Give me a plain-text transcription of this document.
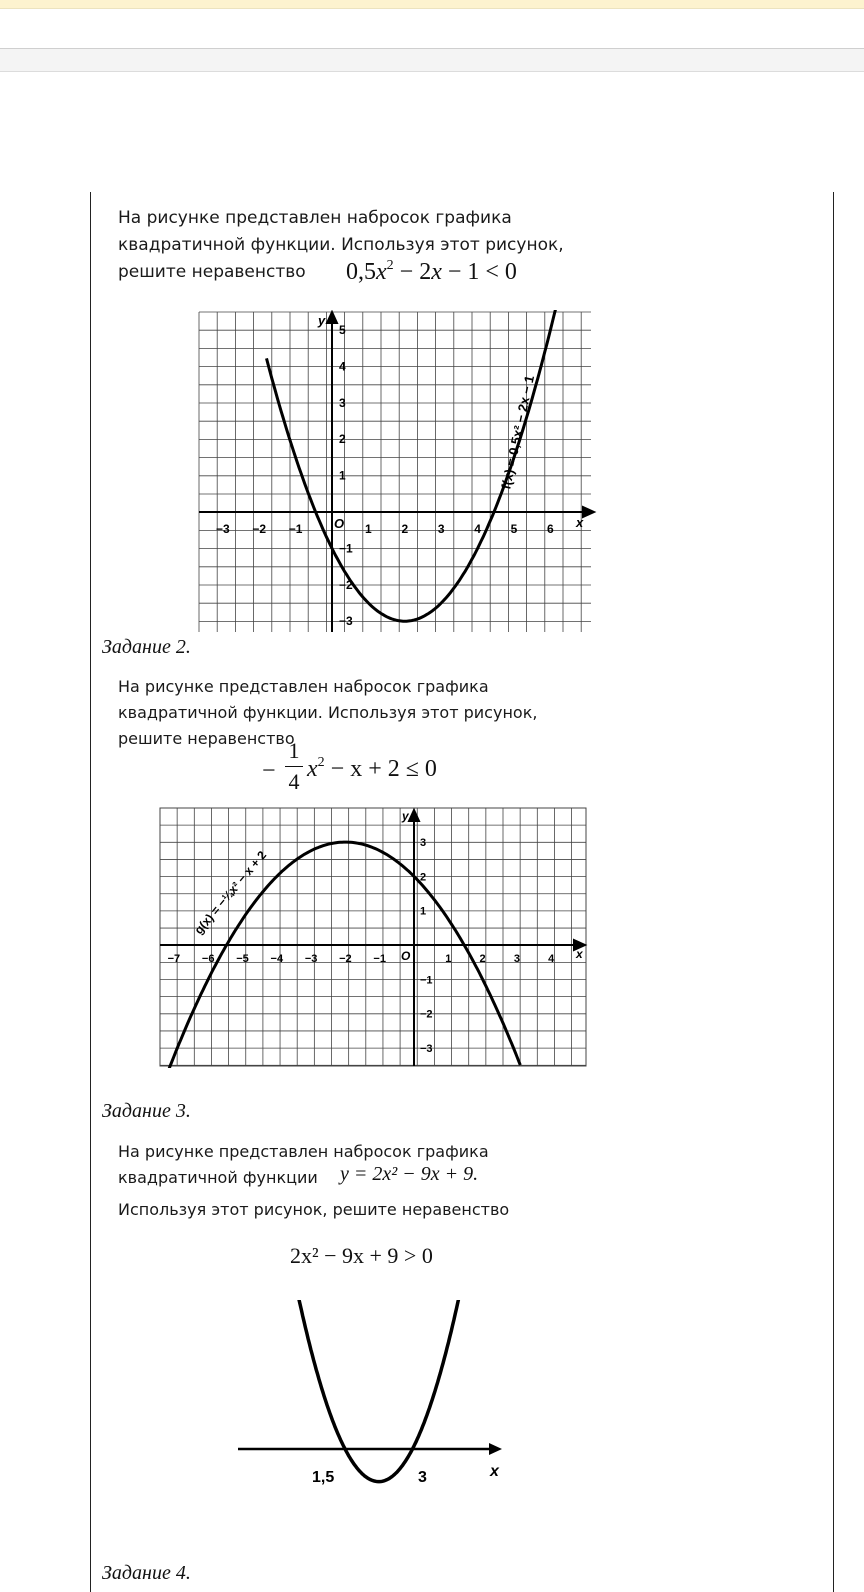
На рисунке представлен набросок графика
квадратичной функции. Используя этот рисунок,
решите неравенство	$0,5x^2 - 2x - 1 < 0$
−3 −2 −1	1 2 3 4 5 6
5
4
3
2
1
−1
−2
−3
x
y
O
f(x) = 0,5x² − 2x − 1
Задание 2.
На рисунке представлен набросок графика
квадратичной функции. Используя этот рисунок,
решите неравенство
−
1
4 $x^2 - x + 2 \le 0$
−7 −6 −5 −4 −3 −2 −1	1	2	3	4
3
2
1
−1
−2
−3
x
y
O
g(x) = −¼x² − x + 2
Задание 3.
На рисунке представлен набросок графика
квадратичной функции
Используя этот рисунок, решите неравенство
y = 2x² − 9x + 9.
2x² − 9x + 9 > 0
1,5	3	x
Задание 4.
